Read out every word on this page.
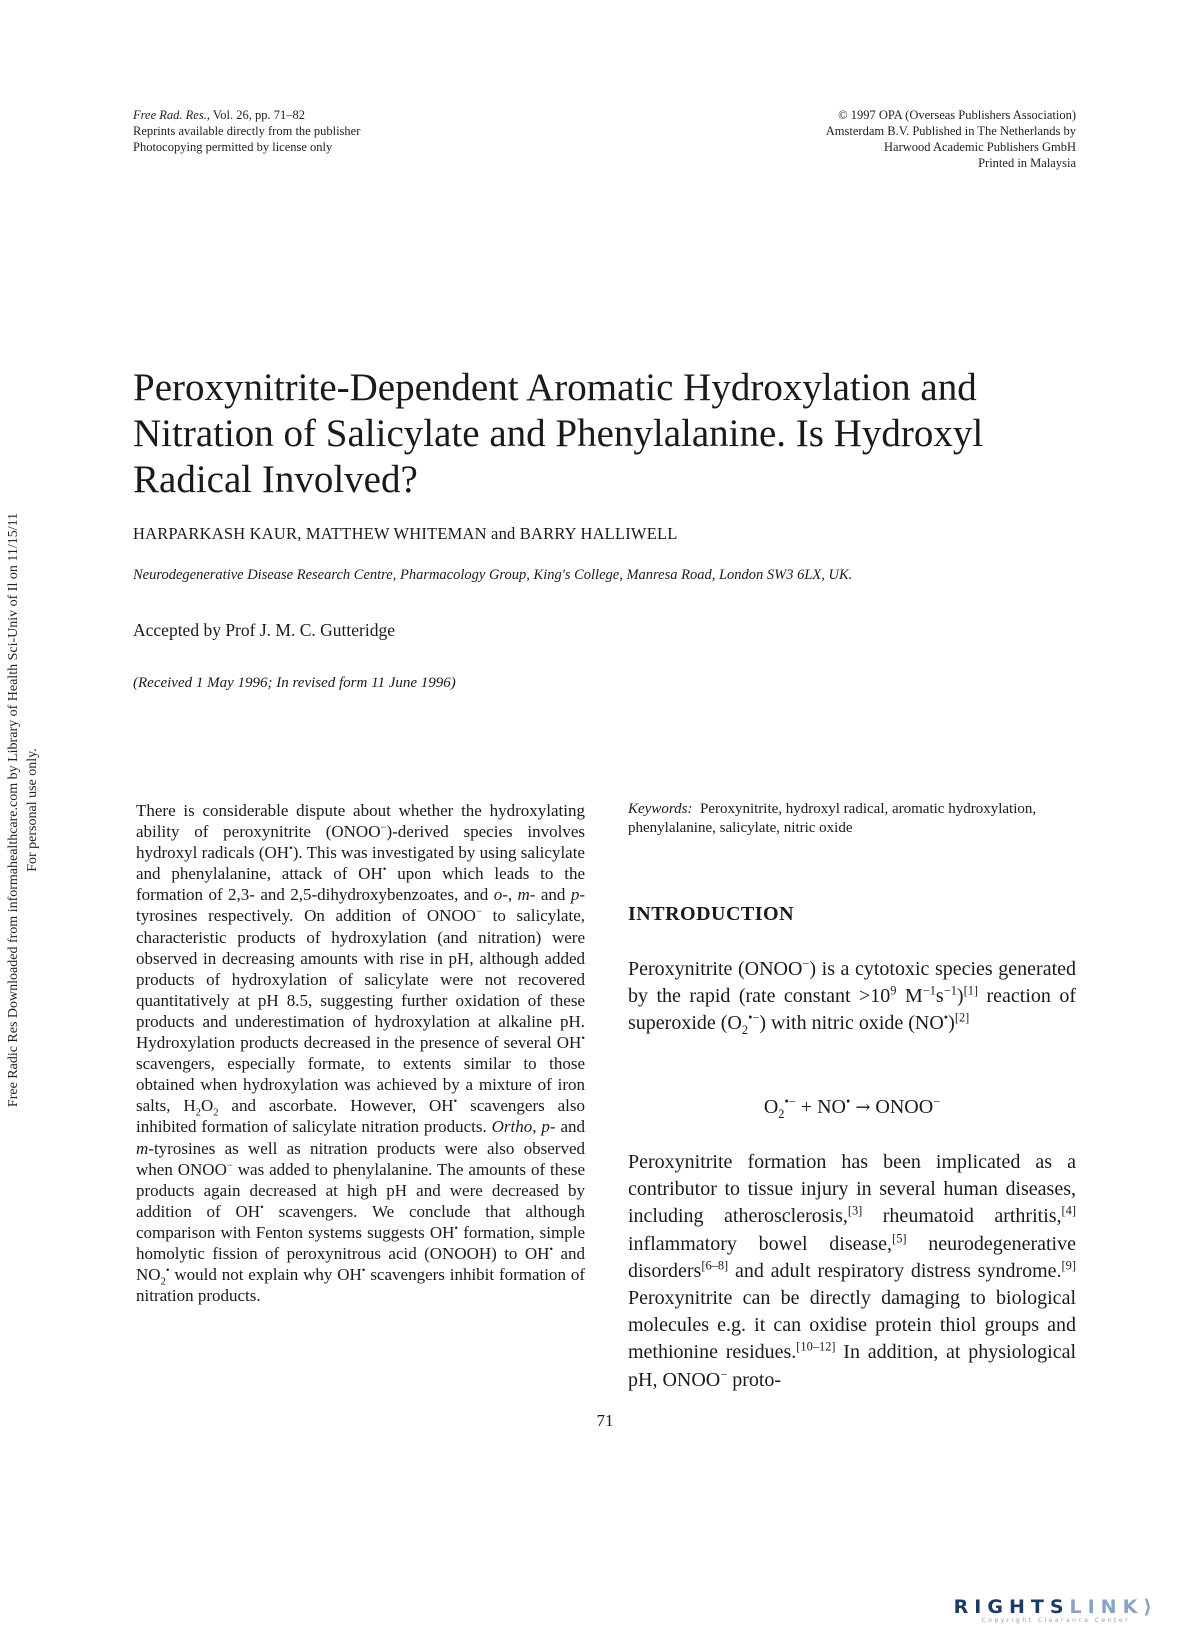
Free Rad. Res., Vol. 26, pp. 71–82
Reprints available directly from the publisher
Photocopying permitted by license only
© 1997 OPA (Overseas Publishers Association)
Amsterdam B.V. Published in The Netherlands by
Harwood Academic Publishers GmbH
Printed in Malaysia
Peroxynitrite-Dependent Aromatic Hydroxylation and Nitration of Salicylate and Phenylalanine. Is Hydroxyl Radical Involved?
HARPARKASH KAUR, MATTHEW WHITEMAN and BARRY HALLIWELL
Neurodegenerative Disease Research Centre, Pharmacology Group, King's College, Manresa Road, London SW3 6LX, UK.
Accepted by Prof J. M. C. Gutteridge
(Received 1 May 1996; In revised form 11 June 1996)
There is considerable dispute about whether the hydroxylating ability of peroxynitrite (ONOO−)-derived species involves hydroxyl radicals (OH•). This was investigated by using salicylate and phenylalanine, attack of OH• upon which leads to the formation of 2,3- and 2,5-dihydroxybenzoates, and o-, m- and p-tyrosines respectively. On addition of ONOO− to salicylate, characteristic products of hydroxylation (and nitration) were observed in decreasing amounts with rise in pH, although added products of hydroxylation of salicylate were not recovered quantitatively at pH 8.5, suggesting further oxidation of these products and underestimation of hydroxylation at alkaline pH. Hydroxylation products decreased in the presence of several OH• scavengers, especially formate, to extents similar to those obtained when hydroxylation was achieved by a mixture of iron salts, $H_2O_2$ and ascorbate. However, OH• scavengers also inhibited formation of salicylate nitration products. Ortho, p- and m-tyrosines as well as nitration products were also observed when ONOO− was added to phenylalanine. The amounts of these products again decreased at high pH and were decreased by addition of OH• scavengers. We conclude that although comparison with Fenton systems suggests OH• formation, simple homolytic fission of peroxynitrous acid (ONOOH) to OH• and $NO_2^•$ would not explain why OH• scavengers inhibit formation of nitration products.
Keywords: Peroxynitrite, hydroxyl radical, aromatic hydroxylation, phenylalanine, salicylate, nitric oxide
INTRODUCTION
Peroxynitrite (ONOO−) is a cytotoxic species generated by the rapid (rate constant $>10^9$ $M^{-1}s^{-1})[1]$ reaction of superoxide $(O_2^{•-})$ with nitric oxide (NO•)[2]
$O_2^{•-} + NO^•$ → ONOO−
Peroxynitrite formation has been implicated as a contributor to tissue injury in several human diseases, including atherosclerosis,[3] rheumatoid arthritis,[4] inflammatory bowel disease,[5] neurodegenerative disorders[6–8] and adult respiratory distress syndrome.[9] Peroxynitrite can be directly damaging to biological molecules e.g. it can oxidise protein thiol groups and methionine residues.[10–12] In addition, at physiological pH, ONOO− proto-
71
Free Radic Res Downloaded from informahealthcare.com by Library of Health Sci-Univ of Il on 11/15/11 For personal use only.
RIGHTSLINK⟩
Copyright Clearance Center
